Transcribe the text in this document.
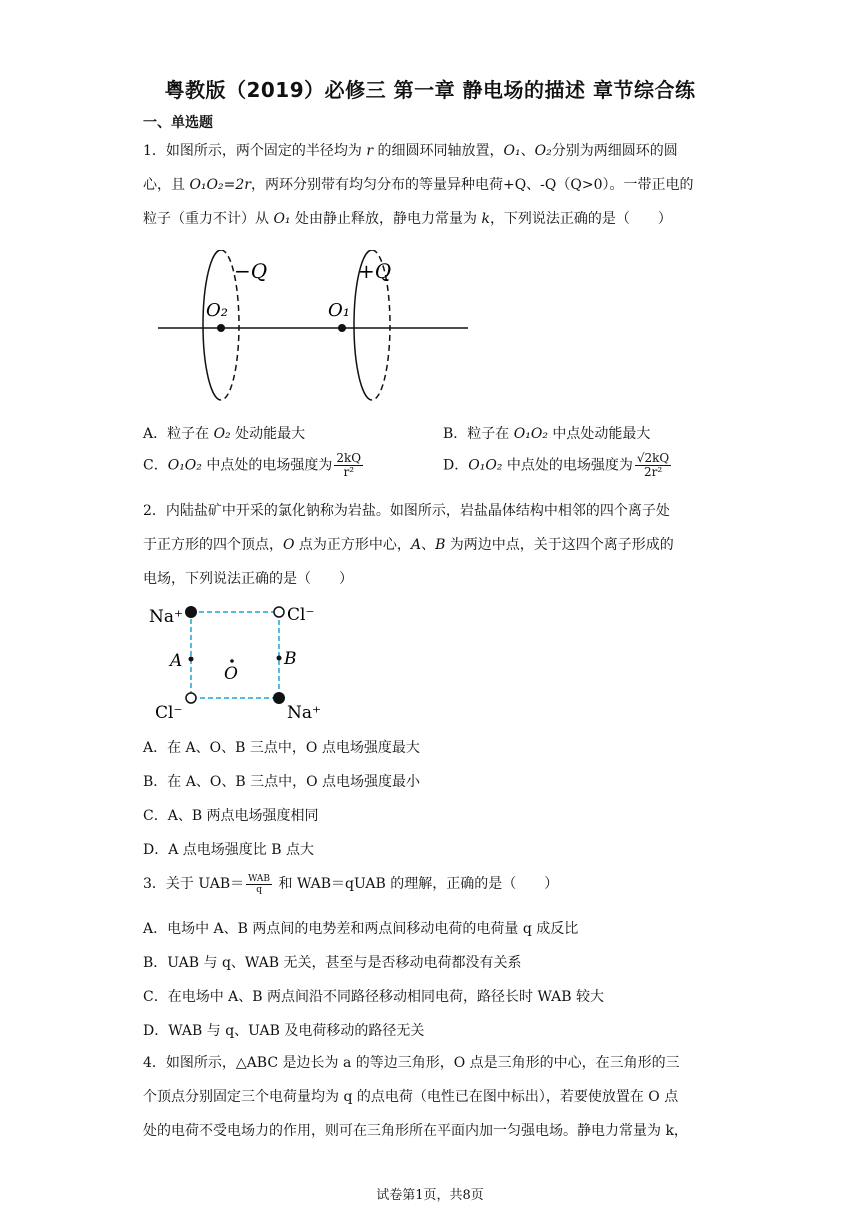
粤教版（2019）必修三 第一章 静电场的描述 章节综合练
一、单选题
1．如图所示，两个固定的半径均为 r 的细圆环同轴放置，O₁、O₂分别为两细圆环的圆
心，且 O₁O₂=2r，两环分别带有均匀分布的等量异种电荷+Q、-Q（Q>0）。一带正电的
粒子（重力不计）从 O₁ 处由静止释放，静电力常量为 k，下列说法正确的是（　　）
−Q	+Q
O₂	O₁
A．粒子在 O₂ 处动能最大	B．粒子在 O₁O₂ 中点处动能最大
C．O₁O₂ 中点处的电场强度为 $\frac{2kQ}{\text{r²}}$	D．O₁O₂ 中点处的电场强度为 $\frac{√2kQ}{\text{2r²}}$
2．内陆盐矿中开采的氯化钠称为岩盐。如图所示，岩盐晶体结构中相邻的四个离子处
于正方形的四个顶点，O 点为正方形中心，A、B 为两边中点，关于这四个离子形成的
电场，下列说法正确的是（　　）
Na⁺	Cl⁻
Cl⁻	Na⁺
A	B
O
A．在 A、O、B 三点中，O 点电场强度最大
B．在 A、O、B 三点中，O 点电场强度最小
C．A、B 两点电场强度相同
D．A 点电场强度比 B 点大
3．关于 $UAB= \frac{\text{WAB}}{q}$ 和 WAB＝qUAB 的理解，正确的是（　　）
A．电场中 A、B 两点间的电势差和两点间移动电荷的电荷量 q 成反比
B．UAB 与 q、WAB 无关，甚至与是否移动电荷都没有关系
C．在电场中 A、B 两点间沿不同路径移动相同电荷，路径长时 WAB 较大
D．WAB 与 q、UAB 及电荷移动的路径无关
4．如图所示，△ABC 是边长为 a 的等边三角形，O 点是三角形的中心，在三角形的三
个顶点分别固定三个电荷量均为 q 的点电荷（电性已在图中标出），若要使放置在 O 点
处的电荷不受电场力的作用，则可在三角形所在平面内加一匀强电场。静电力常量为 k，
试卷第1页，共8页
